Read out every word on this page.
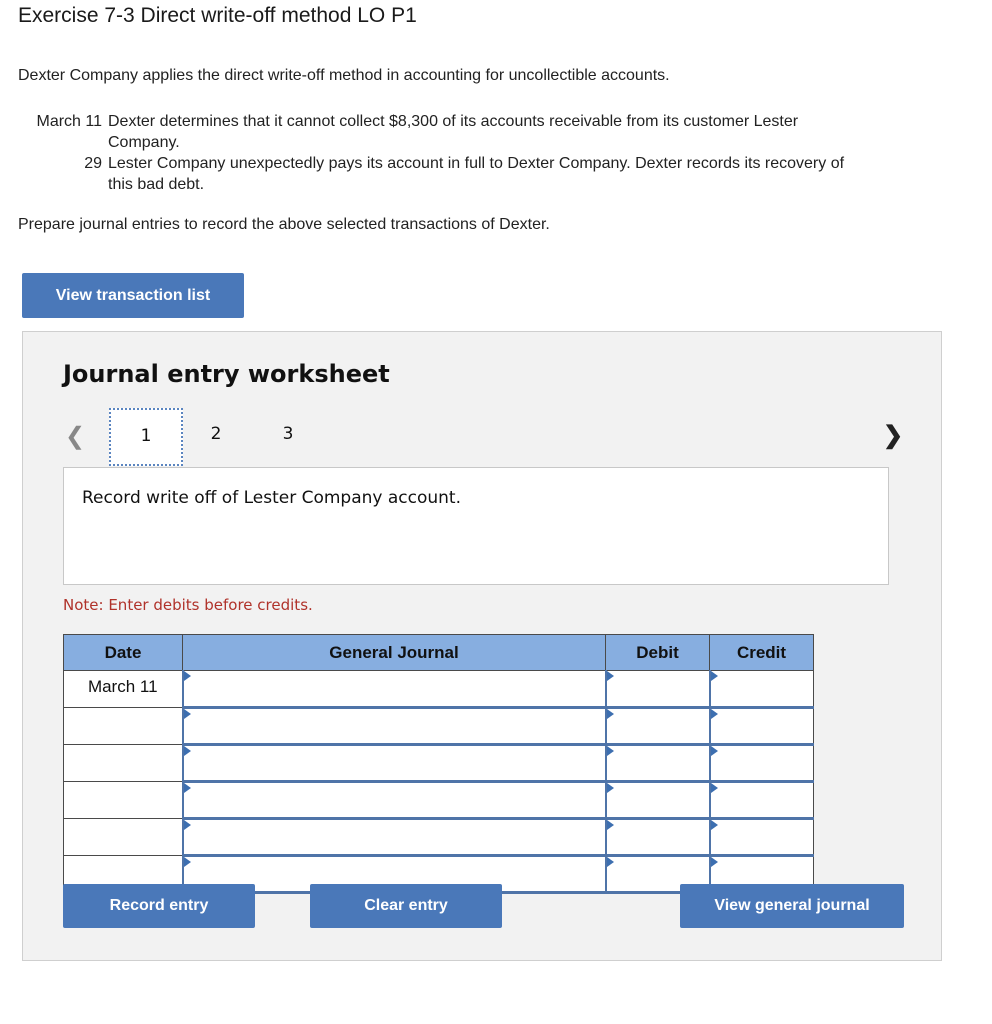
Exercise 7-3 Direct write-off method LO P1
Dexter Company applies the direct write-off method in accounting for uncollectible accounts.
March 11 Dexter determines that it cannot collect $8,300 of its accounts receivable from its customer Lester Company.
29 Lester Company unexpectedly pays its account in full to Dexter Company. Dexter records its recovery of this bad debt.
Prepare journal entries to record the above selected transactions of Dexter.
View transaction list
Journal entry worksheet
❮	1	2	3	❯
Record write off of Lester Company account.
Note: Enter debits before credits.
Date	General Journal	Debit	Credit
March 11			

Record entry	Clear entry	View general journal
